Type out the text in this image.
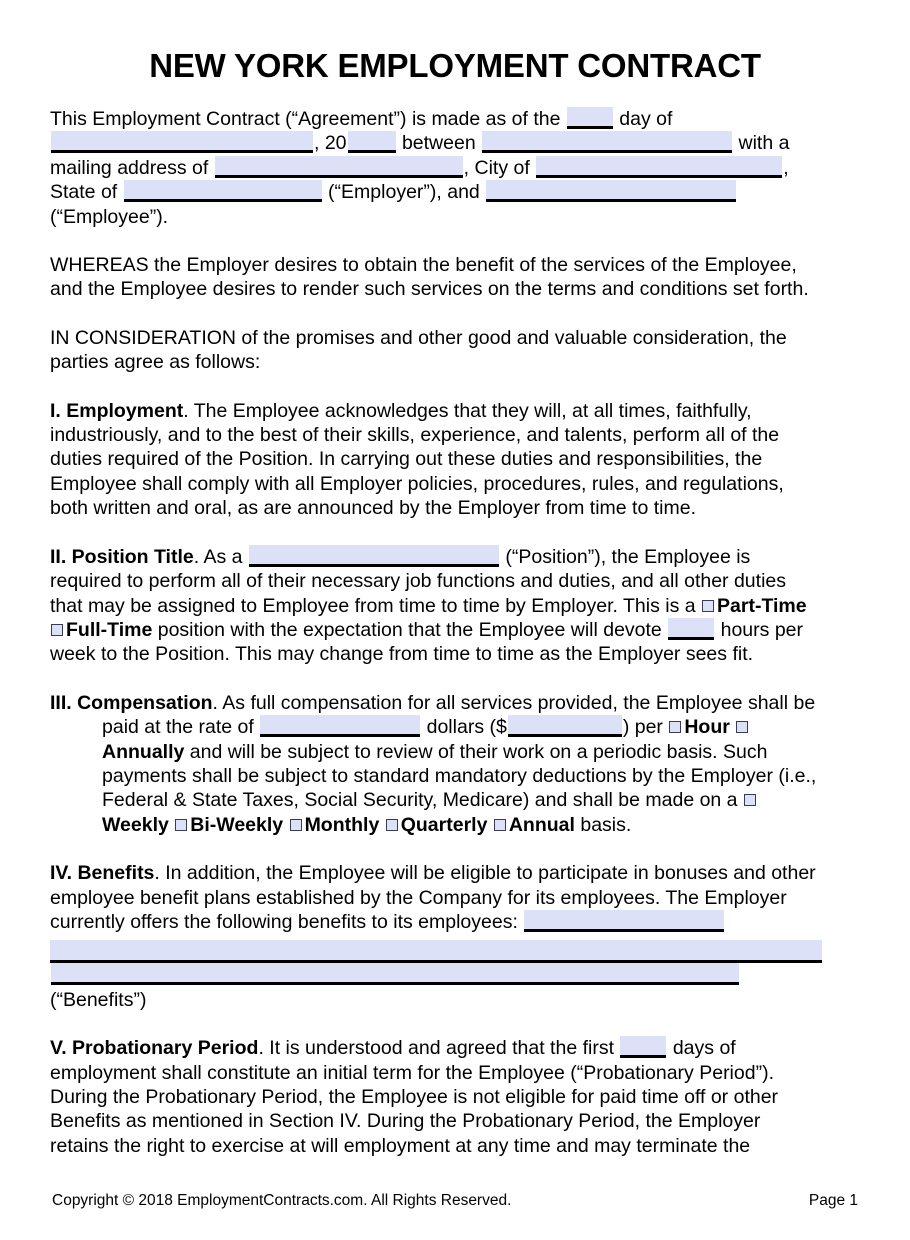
NEW YORK EMPLOYMENT CONTRACT

This Employment Contract (“Agreement”) is made as of the  day of , 20	between	with a mailing address of	, City of	, State of	(“Employer”), and  (“Employee”).

WHEREAS the Employer desires to obtain the benefit of the services of the Employee, and the Employee desires to render such services on the terms and conditions set forth.

IN CONSIDERATION of the promises and other good and valuable consideration, the parties agree as follows:

I. Employment. The Employee acknowledges that they will, at all times, faithfully, industriously, and to the best of their skills, experience, and talents, perform all of the duties required of the Position. In carrying out these duties and responsibilities, the Employee shall comply with all Employer policies, procedures, rules, and regulations, both written and oral, as are announced by the Employer from time to time.

II. Position Title. As a	(“Position”), the Employee is required to perform all of their necessary job functions and duties, and all other duties that may be assigned to Employee from time to time by Employer. This is a Part-Time Full-Time position with the expectation that the Employee will devote  hours per week to the Position. This may change from time to time as the Employer sees fit.

III. Compensation. As full compensation for all services provided, the Employee shall be paid at the rate of	dollars ($	) per Hour Annually and will be subject to review of their work on a periodic basis. Such payments shall be subject to standard mandatory deductions by the Employer (i.e., Federal & State Taxes, Social Security, Medicare) and shall be made on a Weekly Bi-Weekly Monthly Quarterly Annual basis.

IV. Benefits. In addition, the Employee will be eligible to participate in bonuses and other employee benefit plans established by the Company for its employees. The Employer currently offers the following benefits to its employees:
(“Benefits”)

V. Probationary Period. It is understood and agreed that the first  days of employment shall constitute an initial term for the Employee (“Probationary Period”). During the Probationary Period, the Employee is not eligible for paid time off or other Benefits as mentioned in Section IV. During the Probationary Period, the Employer retains the right to exercise at will employment at any time and may terminate the

Copyright © 2018 EmploymentContracts.com. All Rights Reserved.	Page 1
